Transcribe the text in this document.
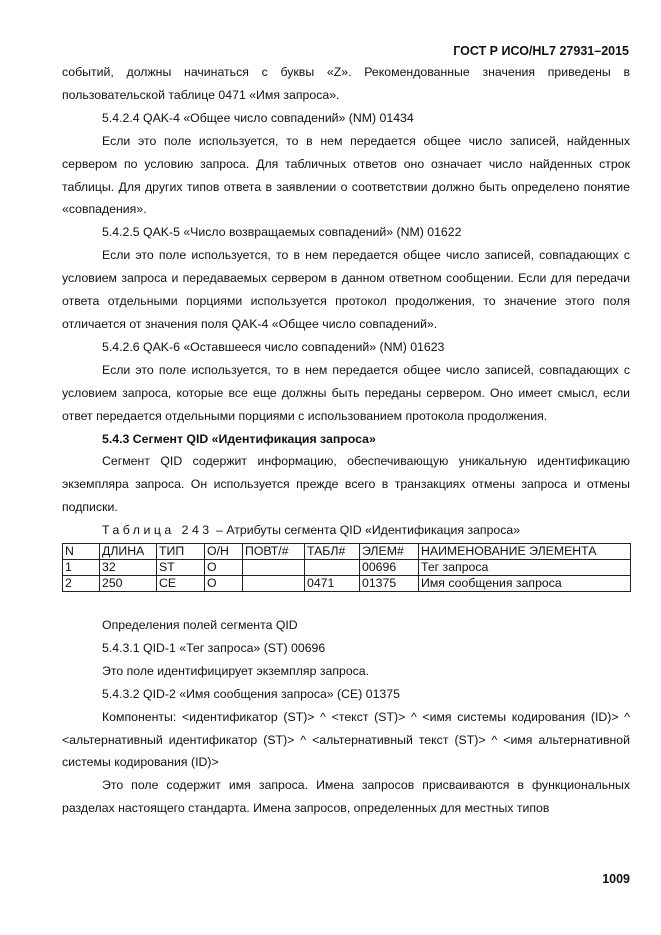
ГОСТ Р ИСО/HL7 27931–2015

событий, должны начинаться с буквы «Z». Рекомендованные значения приведены в пользовательской таблице 0471 «Имя запроса».

5.4.2.4 QAK-4 «Общее число совпадений» (NM) 01434

Если это поле используется, то в нем передается общее число записей, найденных сервером по условию запроса. Для табличных ответов оно означает число найденных строк таблицы. Для других типов ответа в заявлении о соответствии должно быть определено понятие «совпадения».

5.4.2.5 QAK-5 «Число возвращаемых совпадений» (NM) 01622

Если это поле используется, то в нем передается общее число записей, совпадающих с условием запроса и передаваемых сервером в данном ответном сообщении. Если для передачи ответа отдельными порциями используется протокол продолжения, то значение этого поля отличается от значения поля QAK-4 «Общее число совпадений».

5.4.2.6 QAK-6 «Оставшееся число совпадений» (NM) 01623

Если это поле используется, то в нем передается общее число записей, совпадающих с условием запроса, которые все еще должны быть переданы сервером. Оно имеет смысл, если ответ передается отдельными порциями с использованием протокола продолжения.

5.4.3 Сегмент QID «Идентификация запроса»

Сегмент QID содержит информацию, обеспечивающую уникальную идентификацию экземпляра запроса. Он используется прежде всего в транзакциях отмены запроса и отмены подписки.

Таблица 243 – Атрибуты сегмента QID «Идентификация запроса»

N	ДЛИНА	ТИП	О/Н	ПОВТ/#	ТАБЛ#	ЭЛЕМ#	НАИМЕНОВАНИЕ ЭЛЕМЕНТА
1	32	ST	О			00696	Тег запроса
2	250	CE	О		0471	01375	Имя сообщения запроса

Определения полей сегмента QID

5.4.3.1 QID-1 «Тег запроса» (ST) 00696

Это поле идентифицирует экземпляр запроса.

5.4.3.2 QID-2 «Имя сообщения запроса» (CE) 01375

Компоненты: <идентификатор (ST)> ^ <текст (ST)> ^ <имя системы кодирования (ID)> ^ <альтернативный идентификатор (ST)> ^ <альтернативный текст (ST)> ^ <имя альтернативной системы кодирования (ID)>

Это поле содержит имя запроса. Имена запросов присваиваются в функциональных разделах настоящего стандарта. Имена запросов, определенных для местных типов

1009
